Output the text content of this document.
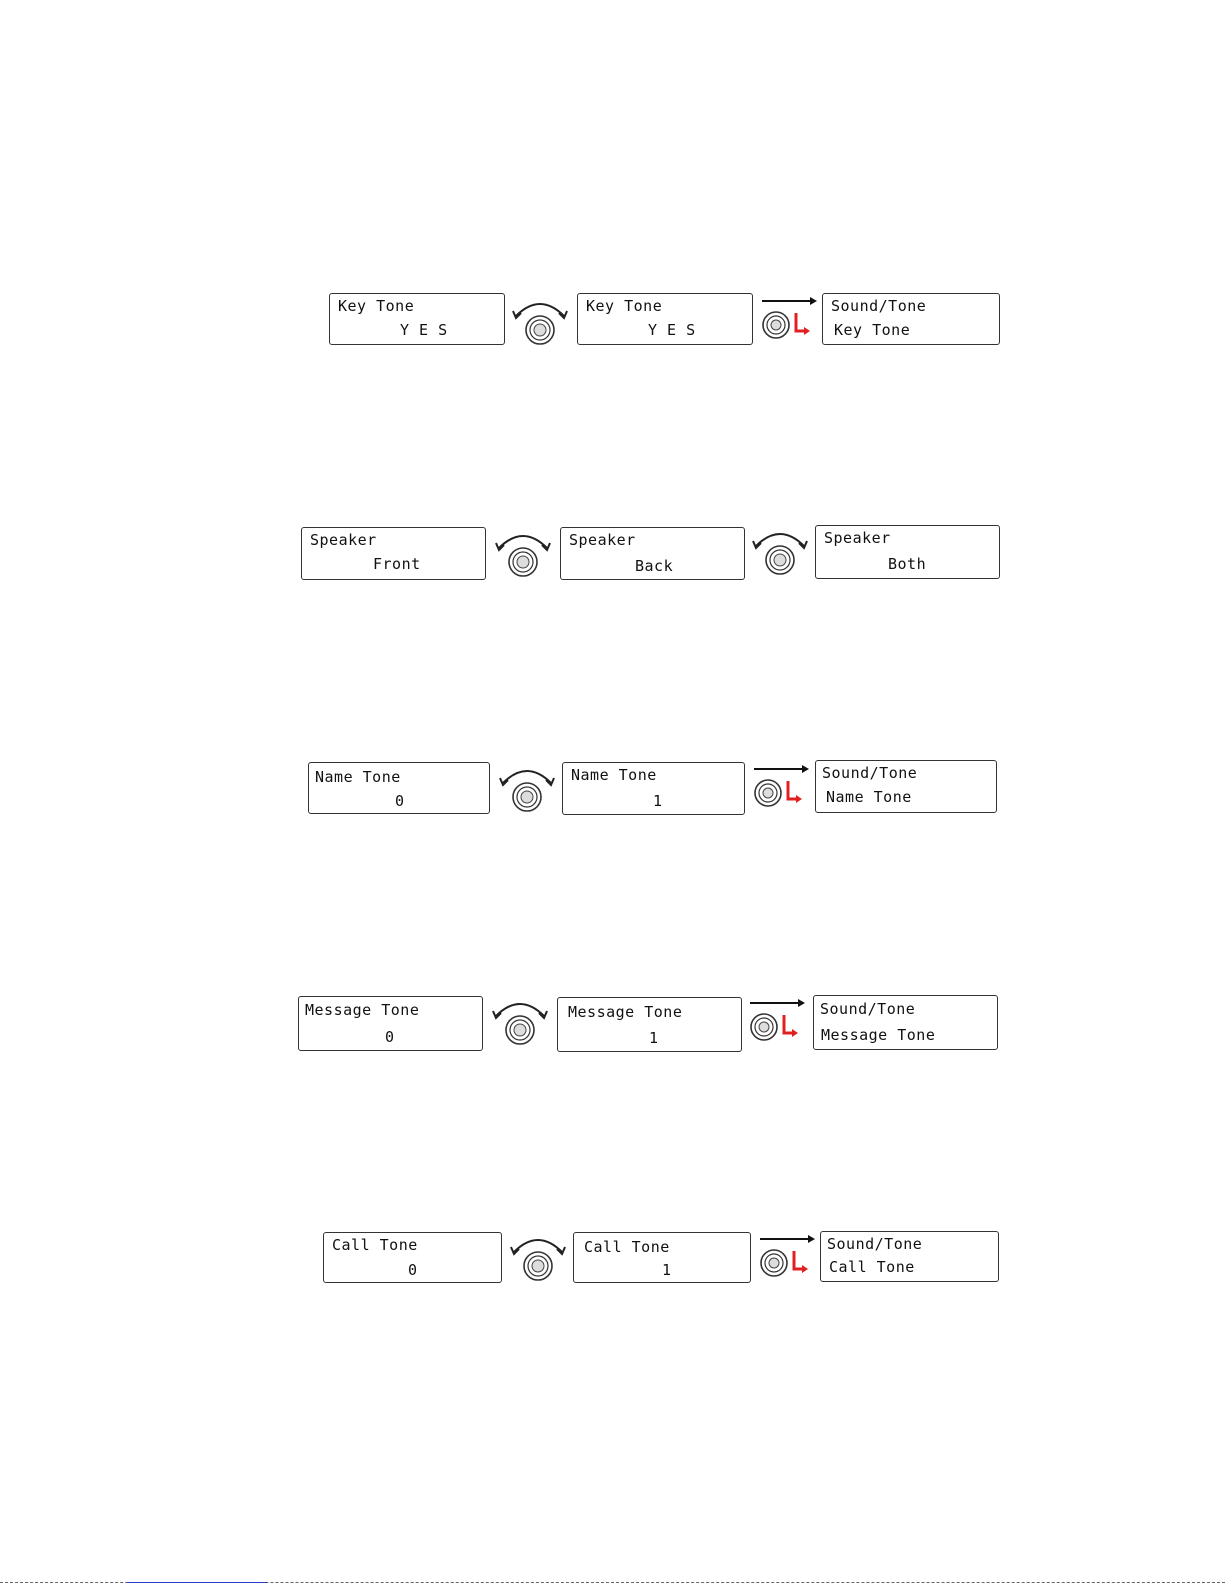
Key Tone
Y E S
Key Tone
Y E S
Sound/Tone
Key Tone
Speaker
Front
Speaker
Back
Speaker
Both
Name Tone
0
Name Tone
1
Sound/Tone
Name Tone
Message Tone
0
Message Tone
1
Sound/Tone
Message Tone
Call Tone
0
Call Tone
1
Sound/Tone
Call Tone
